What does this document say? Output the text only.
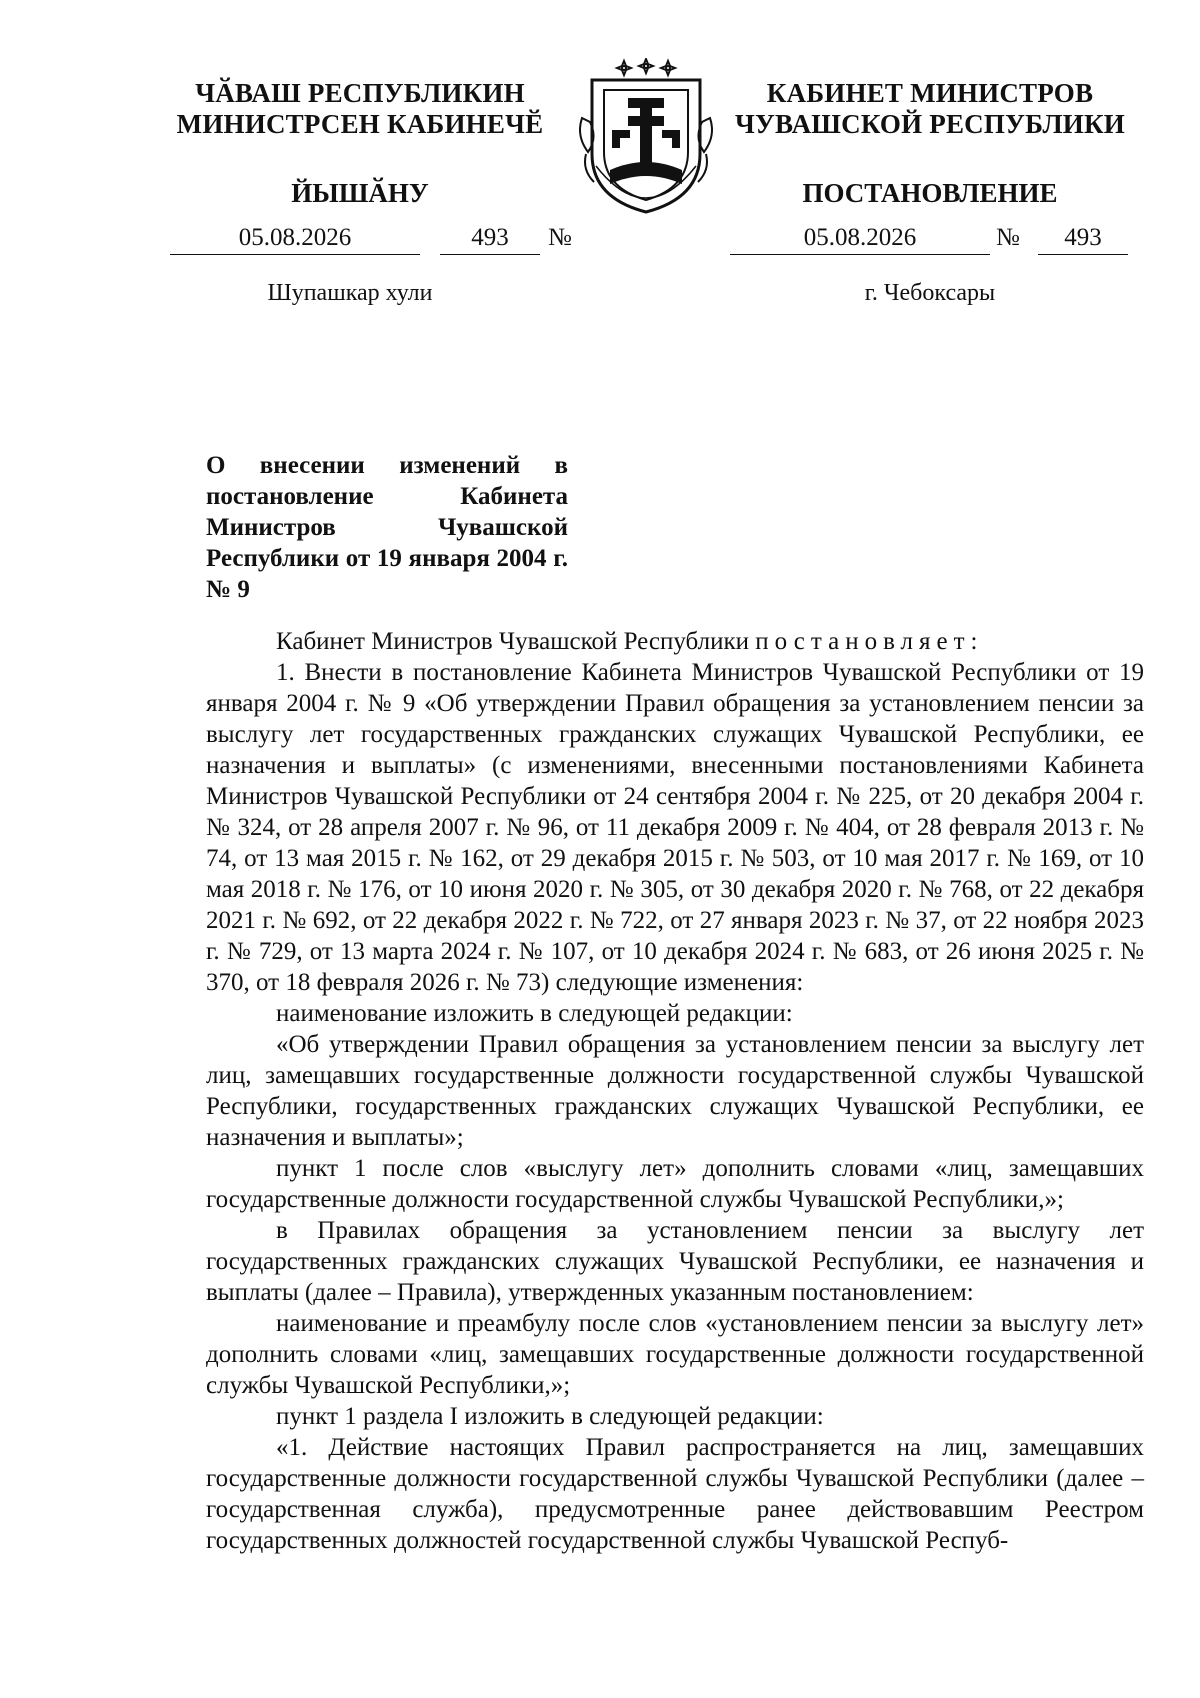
ЧӐВАШ РЕСПУБЛИКИН
МИНИСТРСЕН КАБИНЕЧӖ
ЙЫШӐНУ
КАБИНЕТ МИНИСТРОВ
ЧУВАШСКОЙ РЕСПУБЛИКИ
ПОСТАНОВЛЕНИЕ
05.08.2026	493	№	05.08.2026	№	493
Шупашкар хули	г. Чебоксары
О внесении изменений в постановление Кабинета Министров Чувашской Республики от 19 января 2004 г. № 9

Кабинет Министров Чувашской Республики постановляет:

1. Внести в постановление Кабинета Министров Чувашской Республики от 19 января 2004 г. № 9 «Об утверждении Правил обращения за установлением пенсии за выслугу лет государственных гражданских служащих Чувашской Республики, ее назначения и выплаты» (с изменениями, внесенными постановлениями Кабинета Министров Чувашской Республики от 24 сентября 2004 г. № 225, от 20 декабря 2004 г. № 324, от 28 апреля 2007 г. № 96, от 11 декабря 2009 г. № 404, от 28 февраля 2013 г. № 74, от 13 мая 2015 г. № 162, от 29 декабря 2015 г. № 503, от 10 мая 2017 г. № 169, от 10 мая 2018 г. № 176, от 10 июня 2020 г. № 305, от 30 декабря 2020 г. № 768, от 22 декабря 2021 г. № 692, от 22 декабря 2022 г. № 722, от 27 января 2023 г. № 37, от 22 ноября 2023 г. № 729, от 13 марта 2024 г. № 107, от 10 декабря 2024 г. № 683, от 26 июня 2025 г. № 370, от 18 февраля 2026 г. № 73) следующие изменения:

наименование изложить в следующей редакции:

«Об утверждении Правил обращения за установлением пенсии за выслугу лет лиц, замещавших государственные должности государственной службы Чувашской Республики, государственных гражданских служащих Чувашской Республики, ее назначения и выплаты»;

пункт 1 после слов «выслугу лет» дополнить словами «лиц, замещавших государственные должности государственной службы Чувашской Республики,»;

в Правилах обращения за установлением пенсии за выслугу лет государственных гражданских служащих Чувашской Республики, ее назначения и выплаты (далее – Правила), утвержденных указанным постановлением:

наименование и преамбулу после слов «установлением пенсии за выслугу лет» дополнить словами «лиц, замещавших государственные должности государственной службы Чувашской Республики,»;

пункт 1 раздела I изложить в следующей редакции:

«1. Действие настоящих Правил распространяется на лиц, замещавших государственные должности государственной службы Чувашской Республики (далее – государственная служба), предусмотренные ранее действовавшим Реестром государственных должностей государственной службы Чувашской Респуб-
